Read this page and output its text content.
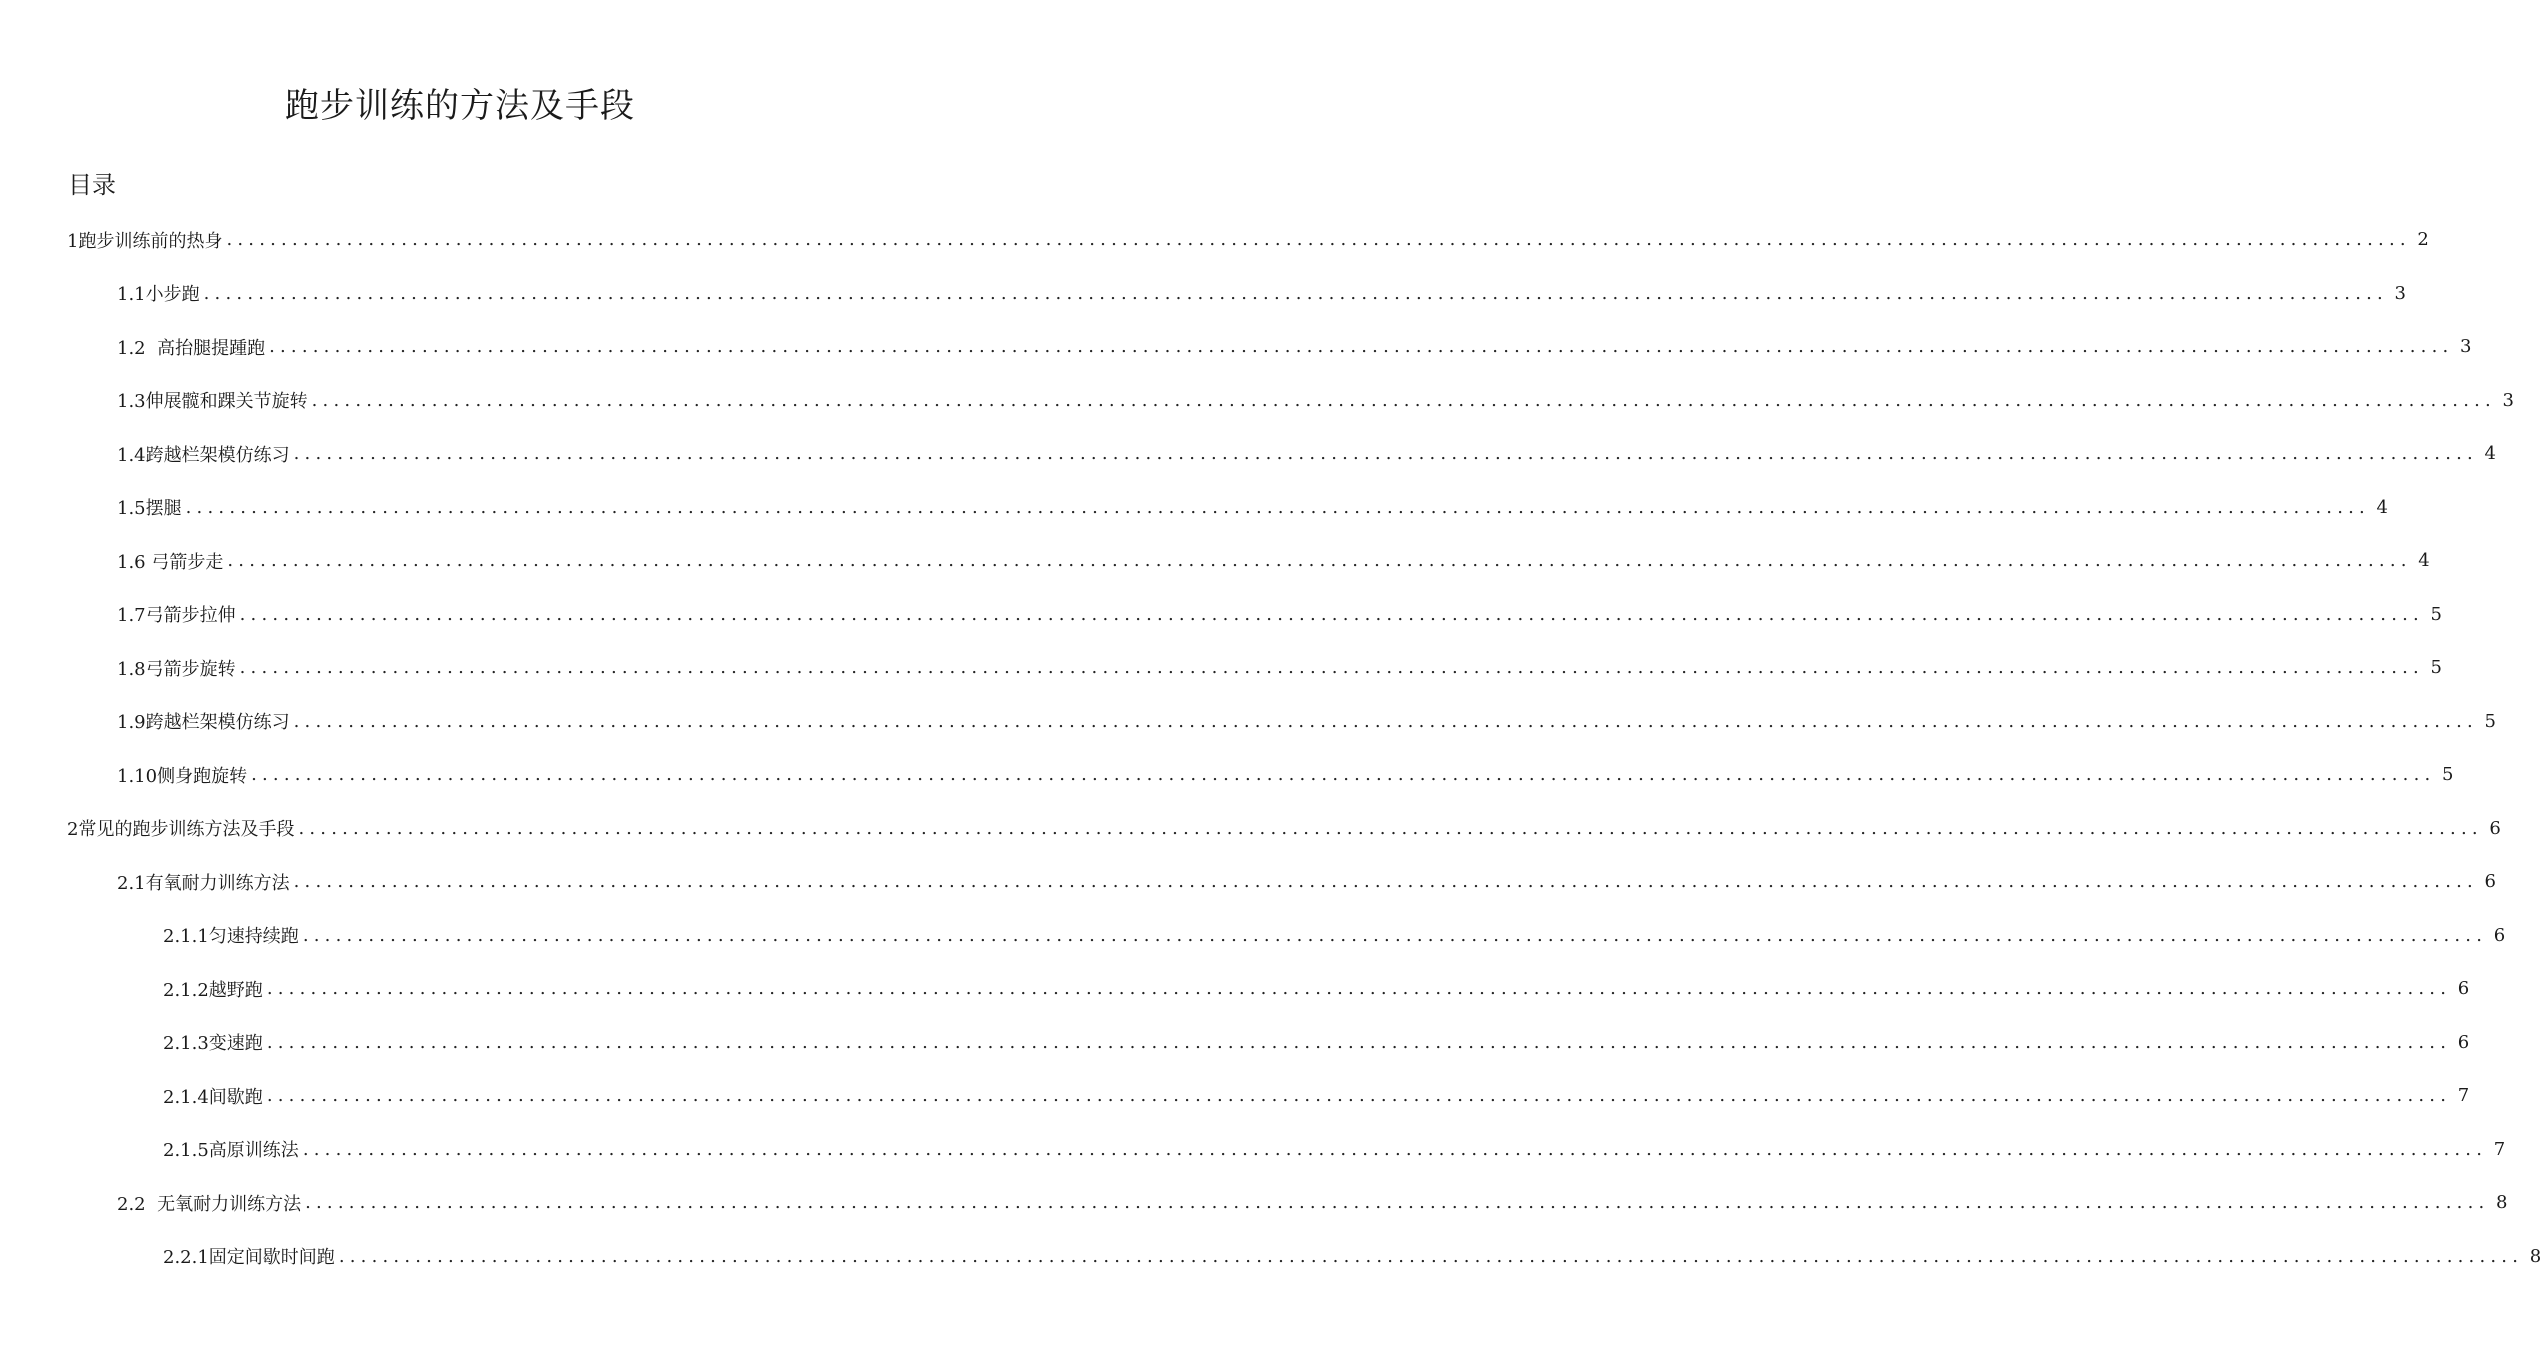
跑步训练的方法及手段
目录
1跑步训练前的热身 ........................................................................................................................................................................................................ 2
1.1小步跑 ........................................................................................................................................................................................................ 3
1.2  高抬腿提踵跑 ........................................................................................................................................................................................................ 3
1.3伸展髋和踝关节旋转 ........................................................................................................................................................................................................ 3
1.4跨越栏架模仿练习 ........................................................................................................................................................................................................ 4
1.5摆腿 ........................................................................................................................................................................................................ 4
1.6 弓箭步走 ........................................................................................................................................................................................................ 4
1.7弓箭步拉伸 ........................................................................................................................................................................................................ 5
1.8弓箭步旋转 ........................................................................................................................................................................................................ 5
1.9跨越栏架模仿练习 ........................................................................................................................................................................................................ 5
1.10侧身跑旋转 ........................................................................................................................................................................................................ 5
2常见的跑步训练方法及手段 ........................................................................................................................................................................................................ 6
2.1有氧耐力训练方法 ........................................................................................................................................................................................................ 6
2.1.1匀速持续跑 ........................................................................................................................................................................................................ 6
2.1.2越野跑 ........................................................................................................................................................................................................ 6
2.1.3变速跑 ........................................................................................................................................................................................................ 6
2.1.4间歇跑 ........................................................................................................................................................................................................ 7
2.1.5高原训练法 ........................................................................................................................................................................................................ 7
2.2  无氧耐力训练方法 ........................................................................................................................................................................................................ 8
2.2.1固定间歇时间跑 ........................................................................................................................................................................................................ 8
